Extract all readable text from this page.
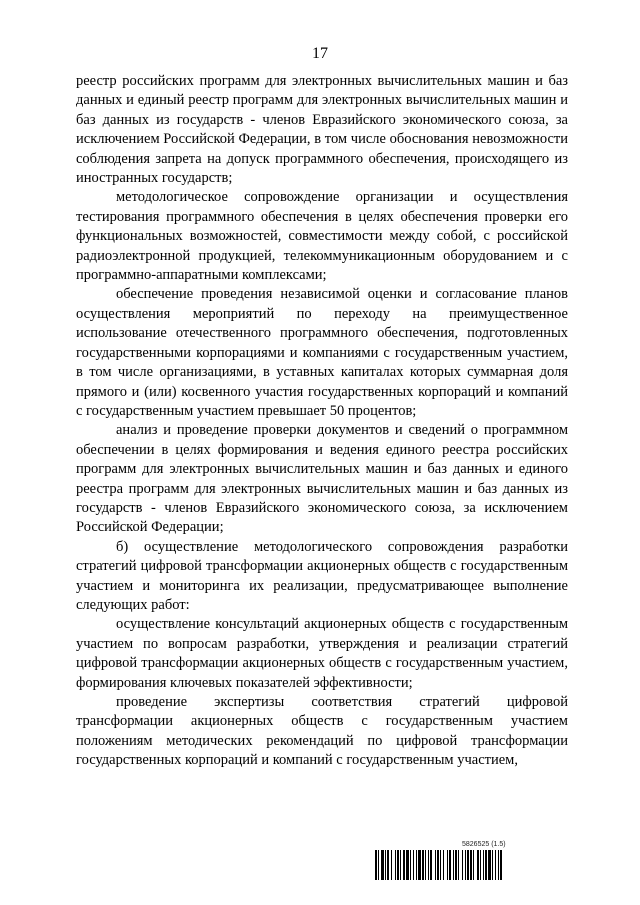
17

реестр российских программ для электронных вычислительных машин и баз данных и единый реестр программ для электронных вычислительных машин и баз данных из государств - членов Евразийского экономического союза, за исключением Российской Федерации, в том числе обоснования невозможности соблюдения запрета на допуск программного обеспечения, происходящего из иностранных государств;

методологическое сопровождение организации и осуществления тестирования программного обеспечения в целях обеспечения проверки его функциональных возможностей, совместимости между собой, с российской радиоэлектронной продукцией, телекоммуникационным оборудованием и с программно-аппаратными комплексами;

обеспечение проведения независимой оценки и согласование планов осуществления мероприятий по переходу на преимущественное использование отечественного программного обеспечения, подготовленных государственными корпорациями и компаниями с государственным участием, в том числе организациями, в уставных капиталах которых суммарная доля прямого и (или) косвенного участия государственных корпораций и компаний с государственным участием превышает 50 процентов;

анализ и проведение проверки документов и сведений о программном обеспечении в целях формирования и ведения единого реестра российских программ для электронных вычислительных машин и баз данных и единого реестра программ для электронных вычислительных машин и баз данных из государств - членов Евразийского экономического союза, за исключением Российской Федерации;

б) осуществление методологического сопровождения разработки стратегий цифровой трансформации акционерных обществ с государственным участием и мониторинга их реализации, предусматривающее выполнение следующих работ:

осуществление консультаций акционерных обществ с государственным участием по вопросам разработки, утверждения и реализации стратегий цифровой трансформации акционерных обществ с государственным участием, формирования ключевых показателей эффективности;

проведение экспертизы соответствия стратегий цифровой трансформации акционерных обществ с государственным участием положениям методических рекомендаций по цифровой трансформации государственных корпораций и компаний с государственным участием,

5826525 (1.5)
